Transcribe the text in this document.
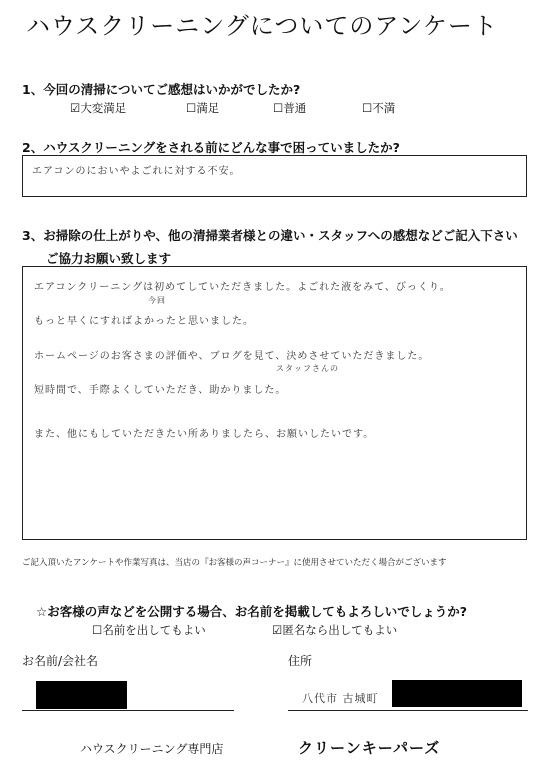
ハウスクリーニングについてのアンケート
1、今回の清掃についてご感想はいかがでしたか?
☑ 大変満足 ☐	満足 ☐	普通 ☐	不満
2、ハウスクリーニングをされる前にどんな事で困っていましたか?
エアコンのにおいやよごれに対する不安。
3、お掃除の仕上がりや、他の清掃業者様との違い・スタッフへの感想などご記入下さい
ご協力お願い致します
エアコンクリーニングは初めてしていただきました。よごれた液をみて、びっくり。
今回
もっと早くにすればよかったと思いました。
ホームページのお客さまの評価や、ブログを見て、決めさせていただきました。
スタッフさんの
短時間で、手際よくしていただき、助かりました。
また、他にもしていただきたい所ありましたら、お願いしたいです。
ご記入頂いたアンケートや作業写真は、当店の『お客様の声コーナー』に使用させていただく場合がございます
☆お客様の声などを公開する場合、お名前を掲載してもよろしいでしょうか?
☐ 名前を出してもよい ☑	匿名なら出してもよい
お名前/会社名	住所
八代市 古城町
ハウスクリーニング専門店	クリーンキーパーズ
